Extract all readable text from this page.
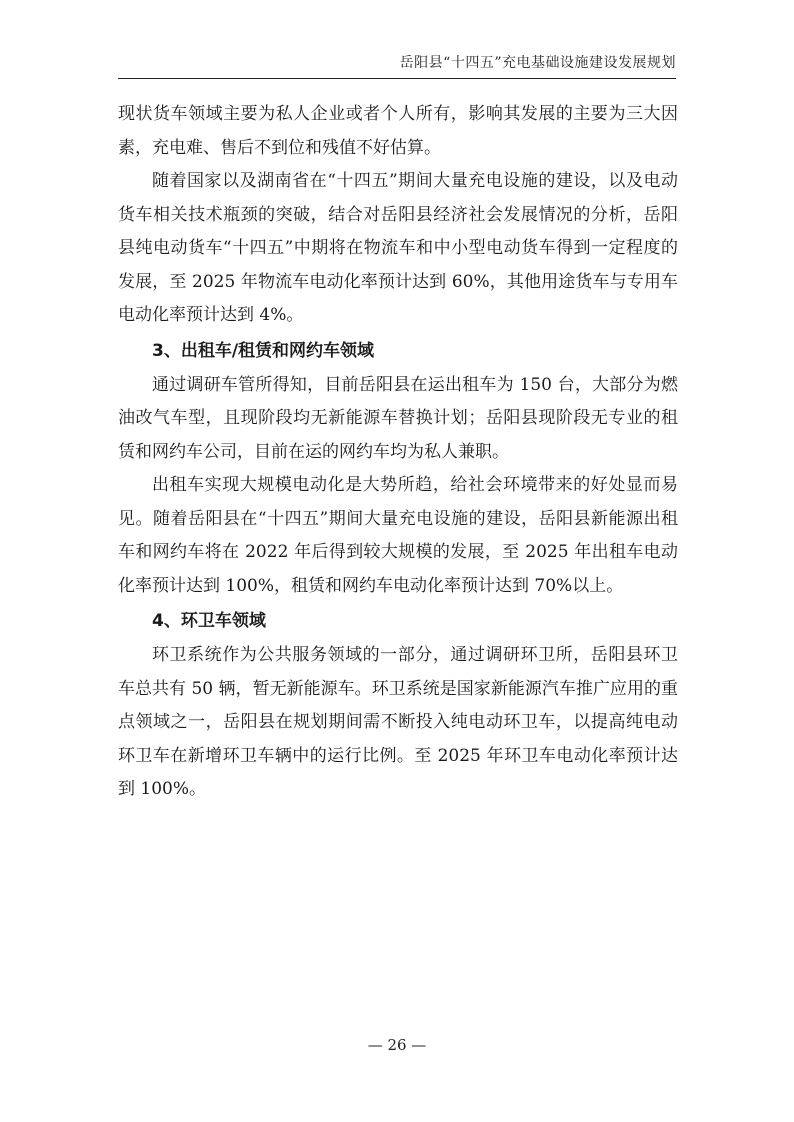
岳阳县“十四五”充电基础设施建设发展规划

现状货车领域主要为私人企业或者个人所有，影响其发展的主要为三大因素，充电难、售后不到位和残值不好估算。

随着国家以及湖南省在“十四五”期间大量充电设施的建设，以及电动货车相关技术瓶颈的突破，结合对岳阳县经济社会发展情况的分析，岳阳县纯电动货车“十四五”中期将在物流车和中小型电动货车得到一定程度的发展，至 2025 年物流车电动化率预计达到 60%，其他用途货车与专用车电动化率预计达到 4%。

3、出租车/租赁和网约车领域

通过调研车管所得知，目前岳阳县在运出租车为 150 台，大部分为燃油改气车型，且现阶段均无新能源车替换计划；岳阳县现阶段无专业的租赁和网约车公司，目前在运的网约车均为私人兼职。

出租车实现大规模电动化是大势所趋，给社会环境带来的好处显而易见。随着岳阳县在“十四五”期间大量充电设施的建设，岳阳县新能源出租车和网约车将在 2022 年后得到较大规模的发展，至 2025 年出租车电动化率预计达到 100%，租赁和网约车电动化率预计达到 70%以上。

4、环卫车领域

环卫系统作为公共服务领域的一部分，通过调研环卫所，岳阳县环卫车总共有 50 辆，暂无新能源车。环卫系统是国家新能源汽车推广应用的重点领域之一，岳阳县在规划期间需不断投入纯电动环卫车，以提高纯电动环卫车在新增环卫车辆中的运行比例。至 2025 年环卫车电动化率预计达到 100%。

— 26 —
